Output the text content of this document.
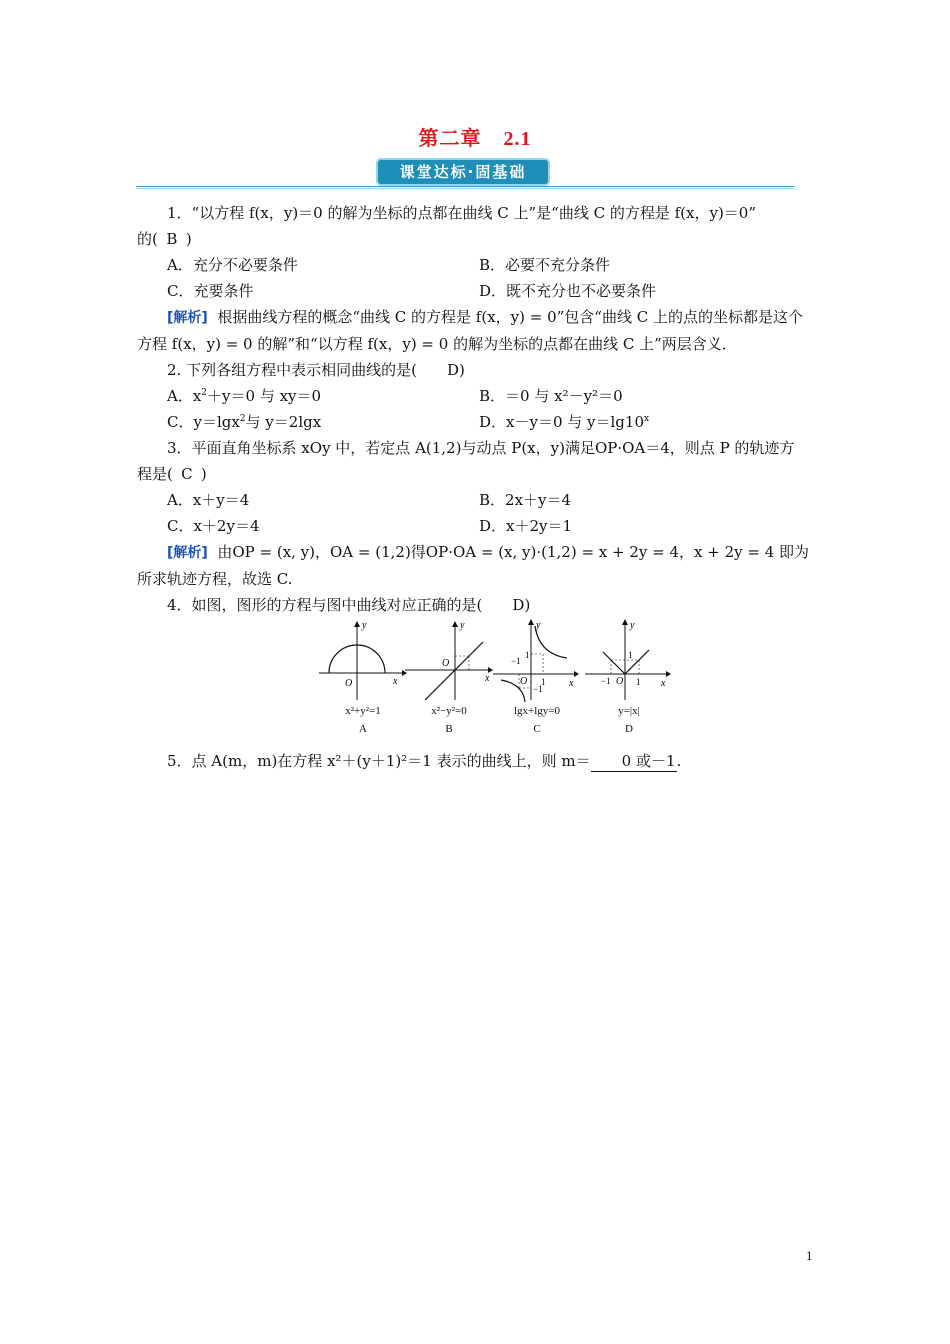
第二章 2.1
课堂达标·固基础

1．“以方程 f(x，y)＝0 的解为坐标的点都在曲线 C 上”是“曲线 C 的方程是 f(x，y)＝0”

的( B )

A．充分不必要条件	B．必要不充分条件
C．充要条件	D．既不充分也不必要条件

[解析] 根据曲线方程的概念“曲线 C 的方程是 f(x，y) = 0”包含“曲线 C 上的点的坐标都是这个方程 f(x，y) = 0 的解”和“以方程 f(x，y) = 0 的解为坐标的点都在曲线 C 上”两层含义．

2. 下列各组方程中表示相同曲线的是( D)

A．$x^2+y=0$ 与 xy＝0	B．＝0 与 x²－y²＝0
C．y＝lgx$^2$与 y＝2lgx	D．x－y＝0 与 $y=\lg 10^x$

3．平面直角坐标系 xOy 中，若定点 A(1,2)与动点 P(x，y)满足OP·OA＝4，则点 P 的轨迹方

程是( C )

A．x＋y＝4	B．2x＋y＝4
C．x＋2y＝4	D．x＋2y＝1

[解析] 由OP = (x, y)，OA = (1,2)得OP·OA = (x, y)·(1,2) = x + 2y = 4，x + 2y = 4 即为所求轨迹方程，故选 C.

4．如图，图形的方程与图中曲线对应正确的是( D)

y
x
O
x²+y²=1
A
y
x
O
x²−y²=0
B
y
x
O
−1
1
1
−1
lgx+lgy=0
C
y
x
O
−1	1
1
y=|x|
D

5．点 A(m，m)在方程 x²＋(y＋1)²＝1 表示的曲线上，则 m＝ 0 或－1.

1
